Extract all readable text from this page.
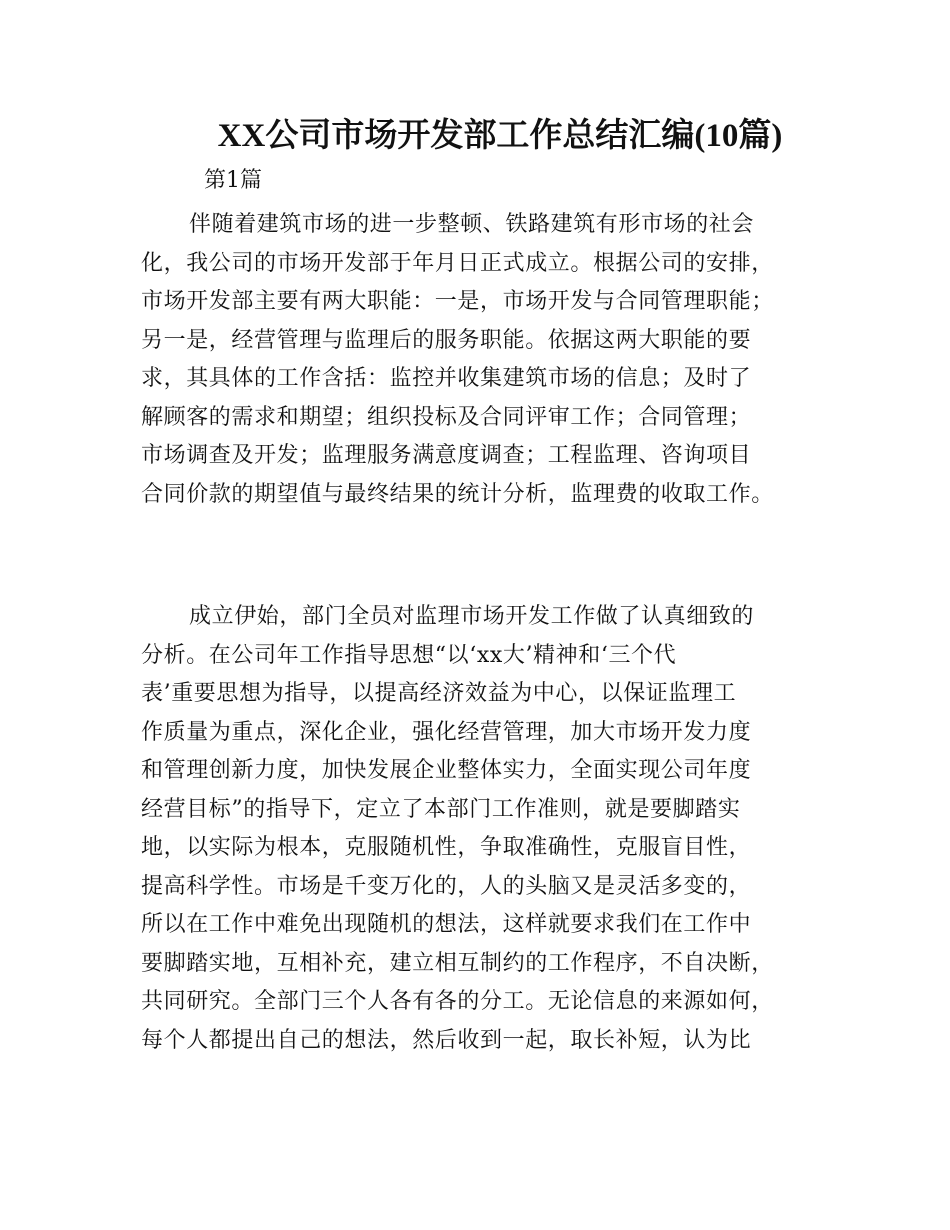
XX公司市场开发部工作总结汇编(10篇)

第1篇

伴随着建筑市场的进一步整顿、铁路建筑有形市场的社会
化，我公司的市场开发部于年月日正式成立。根据公司的安排，
市场开发部主要有两大职能：一是，市场开发与合同管理职能；
另一是，经营管理与监理后的服务职能。依据这两大职能的要
求，其具体的工作含括：监控并收集建筑市场的信息；及时了
解顾客的需求和期望；组织投标及合同评审工作；合同管理；
市场调查及开发；监理服务满意度调查；工程监理、咨询项目
合同价款的期望值与最终结果的统计分析，监理费的收取工作。
成立伊始，部门全员对监理市场开发工作做了认真细致的
分析。在公司年工作指导思想“以‘xx大’精神和‘三个代
表’重要思想为指导，以提高经济效益为中心，以保证监理工
作质量为重点，深化企业，强化经营管理，加大市场开发力度
和管理创新力度，加快发展企业整体实力，全面实现公司年度
经营目标”的指导下，定立了本部门工作准则，就是要脚踏实
地，以实际为根本，克服随机性，争取准确性，克服盲目性，
提高科学性。市场是千变万化的，人的头脑又是灵活多变的，
所以在工作中难免出现随机的想法，这样就要求我们在工作中
要脚踏实地，互相补充，建立相互制约的工作程序，不自决断，
共同研究。全部门三个人各有各的分工。无论信息的来源如何，
每个人都提出自己的想法，然后收到一起，取长补短，认为比
